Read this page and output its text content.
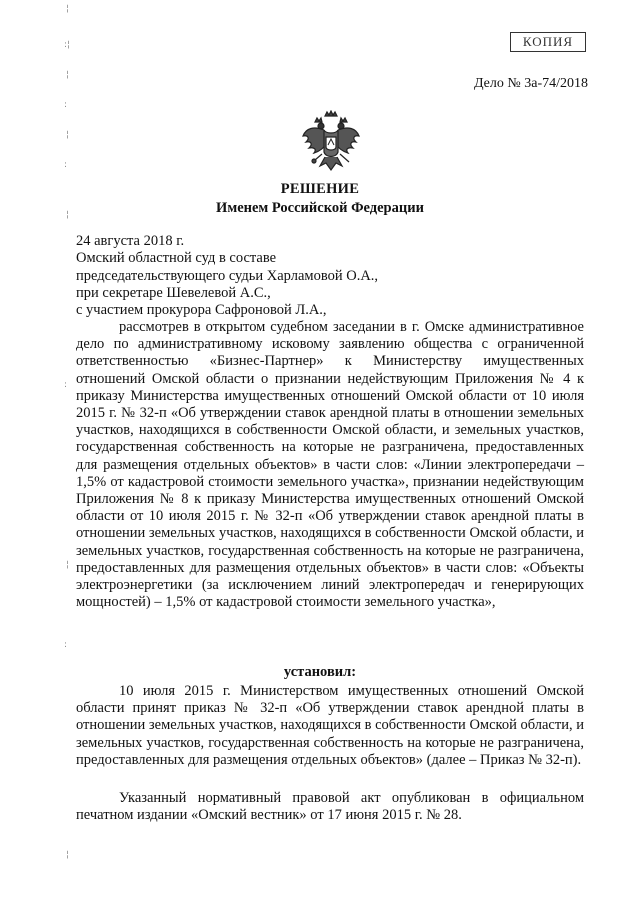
КОПИЯ
Дело № 3а-74/2018
РЕШЕНИЕ
Именем Российской Федерации
24 августа 2018 г.
Омский областной суд в составе
председательствующего судьи Харламовой О.А.,
при секретаре Шевелевой А.С.,
с участием прокурора Сафроновой Л.А.,
рассмотрев в открытом судебном заседании в г. Омске административное дело по административному исковому заявлению общества с ограниченной ответственностью «Бизнес-Партнер» к Министерству имущественных отношений Омской области о признании недействующим Приложения № 4 к приказу Министерства имущественных отношений Омской области от 10 июля 2015 г. № 32-п «Об утверждении ставок арендной платы в отношении земельных участков, находящихся в собственности Омской области, и земельных участков, государственная собственность на которые не разграничена, предоставленных для размещения отдельных объектов» в части слов: «Линии электропередачи – 1,5% от кадастровой стоимости земельного участка», признании недействующим Приложения № 8 к приказу Министерства имущественных отношений Омской области от 10 июля 2015 г. № 32-п «Об утверждении ставок арендной платы в отношении земельных участков, находящихся в собственности Омской области, и земельных участков, государственная собственность на которые не разграничена, предоставленных для размещения отдельных объектов» в части слов: «Объекты электроэнергетики (за исключением линий электропередач и генерирующих мощностей) – 1,5% от кадастровой стоимости земельного участка»,
установил:
10 июля 2015 г. Министерством имущественных отношений Омской области принят приказ № 32-п «Об утверждении ставок арендной платы в отношении земельных участков, находящихся в собственности Омской области, и земельных участков, государственная собственность на которые не разграничена, предоставленных для размещения отдельных объектов» (далее – Приказ № 32-п).
Указанный нормативный правовой акт опубликован в официальном печатном издании «Омский вестник» от 17 июня 2015 г. № 28.
¦
:¦
¦
:
¦
:
¦
:
¦
:
¦
